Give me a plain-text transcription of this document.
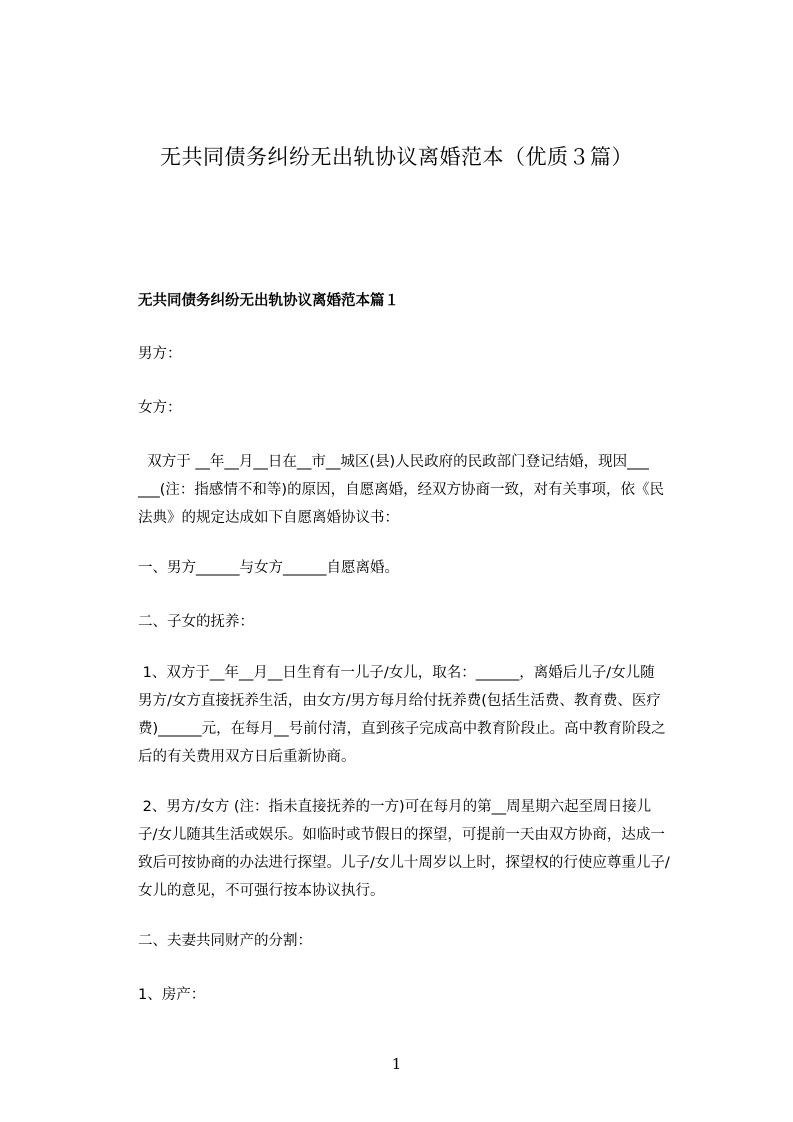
无共同债务纠纷无出轨协议离婚范本（优质３篇）
无共同债务纠纷无出轨协议离婚范本篇１
男方：
女方：
双方于 __年__月__日在__市__城区(县)人民政府的民政部门登记结婚，现因___
___(注：指感情不和等)的原因，自愿离婚，经双方协商一致，对有关事项，依《民
法典》的规定达成如下自愿离婚协议书：
一、男方______与女方______自愿离婚。
二、子女的抚养：
1、双方于__年__月__日生育有一儿子/女儿，取名：______，离婚后儿子/女儿随
男方/女方直接抚养生活，由女方/男方每月给付抚养费(包括生活费、教育费、医疗
费)______元，在每月__号前付清，直到孩子完成高中教育阶段止。高中教育阶段之
后的有关费用双方日后重新协商。
2、男方/女方 (注：指未直接抚养的一方)可在每月的第__周星期六起至周日接儿
子/女儿随其生活或娱乐。如临时或节假日的探望，可提前一天由双方协商，达成一
致后可按协商的办法进行探望。儿子/女儿十周岁以上时，探望权的行使应尊重儿子/
女儿的意见，不可强行按本协议执行。
二、夫妻共同财产的分割：
1、房产：
1
